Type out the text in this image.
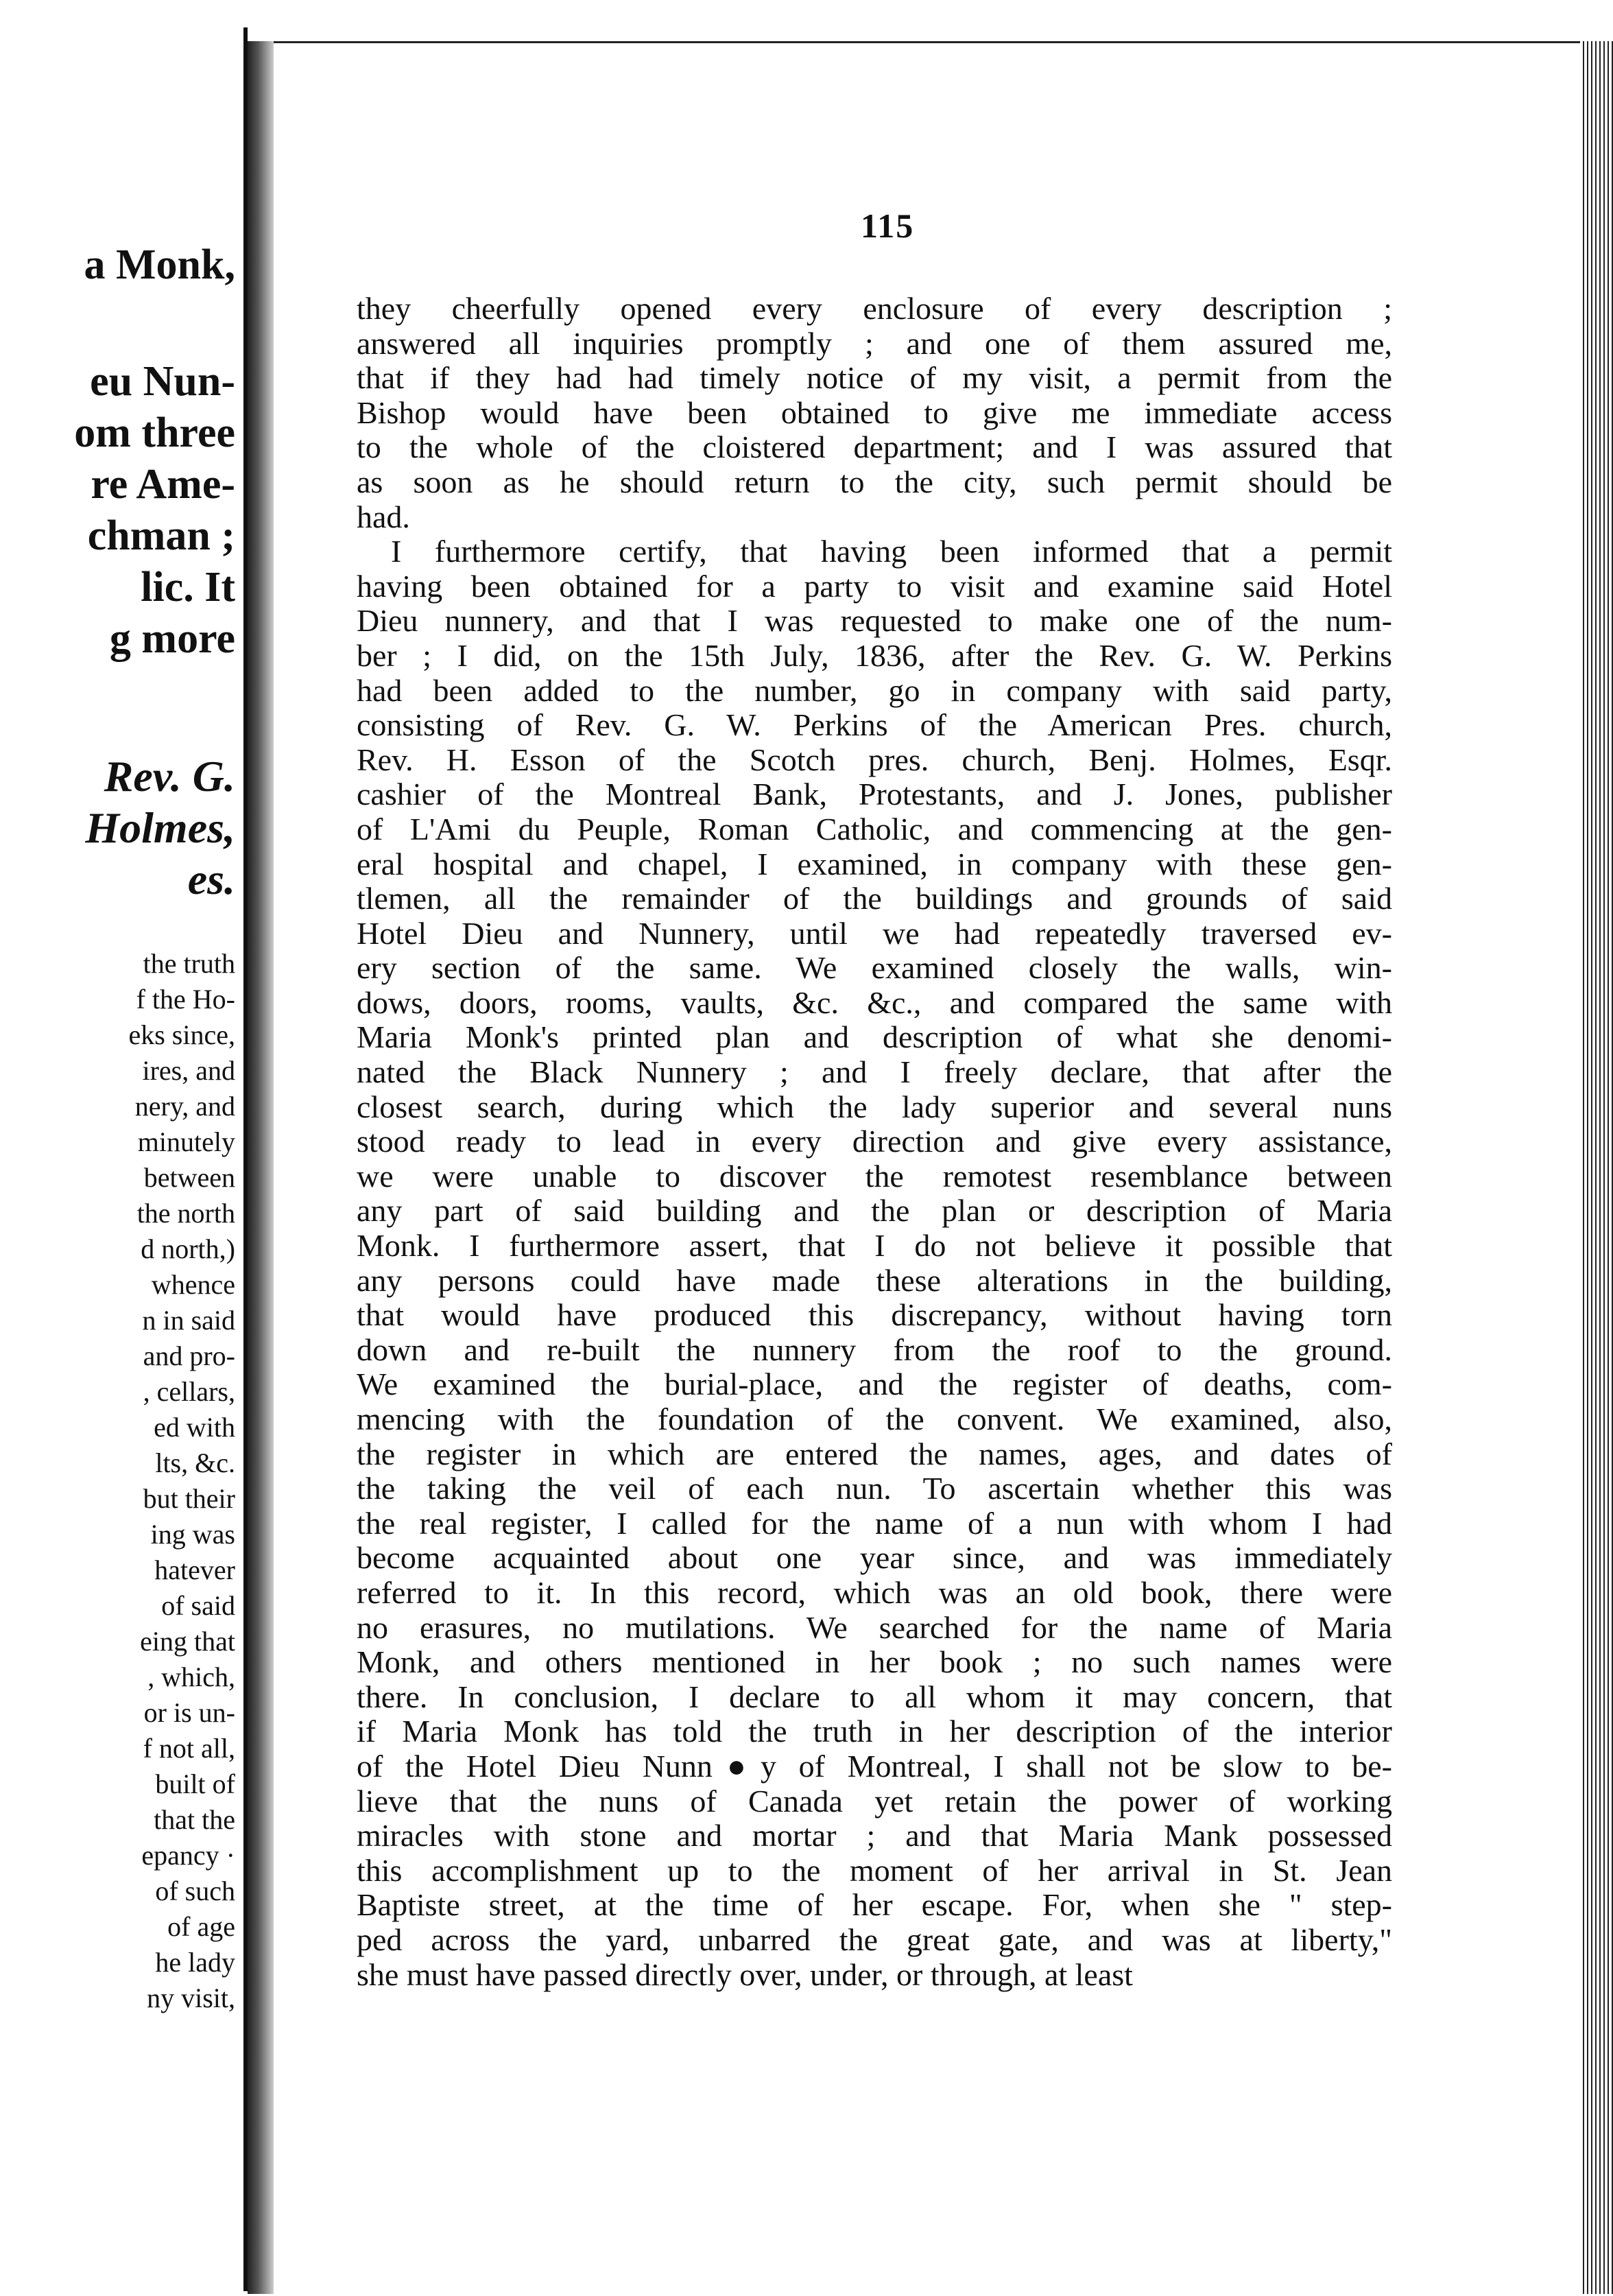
a Monk,
eu Nun-
om three
re Ame-
chman ;
lic. It
g more
Rev. G.
Holmes,
es.
the truth
f the Ho-
eks since,
ires, and
nery, and
minutely
between
the north
d north,)
whence
n in said
and pro-
, cellars,
ed with
lts, &c.
but their
ing was
hatever
of said
eing that
, which,
or is un-
f not all,
built of
that the
epancy ·
of such
of age
he lady
ny visit,
115
they cheerfully opened every enclosure of every description ;
answered all inquiries promptly ; and one of them assured me,
that if they had had timely notice of my visit, a permit from the
Bishop would have been obtained to give me immediate access
to the whole of the cloistered department; and I was assured that
as soon as he should return to the city, such permit should be
had.
I furthermore certify, that having been informed that a permit
having been obtained for a party to visit and examine said Hotel
Dieu nunnery, and that I was requested to make one of the num-
ber ; I did, on the 15th July, 1836, after the Rev. G. W. Perkins
had been added to the number, go in company with said party,
consisting of Rev. G. W. Perkins of the American Pres. church,
Rev. H. Esson of the Scotch pres. church, Benj. Holmes, Esqr.
cashier of the Montreal Bank, Protestants, and J. Jones, publisher
of L'Ami du Peuple, Roman Catholic, and commencing at the gen-
eral hospital and chapel, I examined, in company with these gen-
tlemen, all the remainder of the buildings and grounds of said
Hotel Dieu and Nunnery, until we had repeatedly traversed ev-
ery section of the same. We examined closely the walls, win-
dows, doors, rooms, vaults, &c. &c., and compared the same with
Maria Monk's printed plan and description of what she denomi-
nated the Black Nunnery ; and I freely declare, that after the
closest search, during which the lady superior and several nuns
stood ready to lead in every direction and give every assistance,
we were unable to discover the remotest resemblance between
any part of said building and the plan or description of Maria
Monk. I furthermore assert, that I do not believe it possible that
any persons could have made these alterations in the building,
that would have produced this discrepancy, without having torn
down and re-built the nunnery from the roof to the ground.
We examined the burial-place, and the register of deaths, com-
mencing with the foundation of the convent. We examined, also,
the register in which are entered the names, ages, and dates of
the taking the veil of each nun. To ascertain whether this was
the real register, I called for the name of a nun with whom I had
become acquainted about one year since, and was immediately
referred to it. In this record, which was an old book, there were
no erasures, no mutilations. We searched for the name of Maria
Monk, and others mentioned in her book ; no such names were
there. In conclusion, I declare to all whom it may concern, that
if Maria Monk has told the truth in her description of the interior
of the Hotel Dieu Nunn●y of Montreal, I shall not be slow to be-
lieve that the nuns of Canada yet retain the power of working
miracles with stone and mortar ; and that Maria Mank possessed
this accomplishment up to the moment of her arrival in St. Jean
Baptiste street, at the time of her escape. For, when she " step-
ped across the yard, unbarred the great gate, and was at liberty,"
she must have passed directly over, under, or through, at least
